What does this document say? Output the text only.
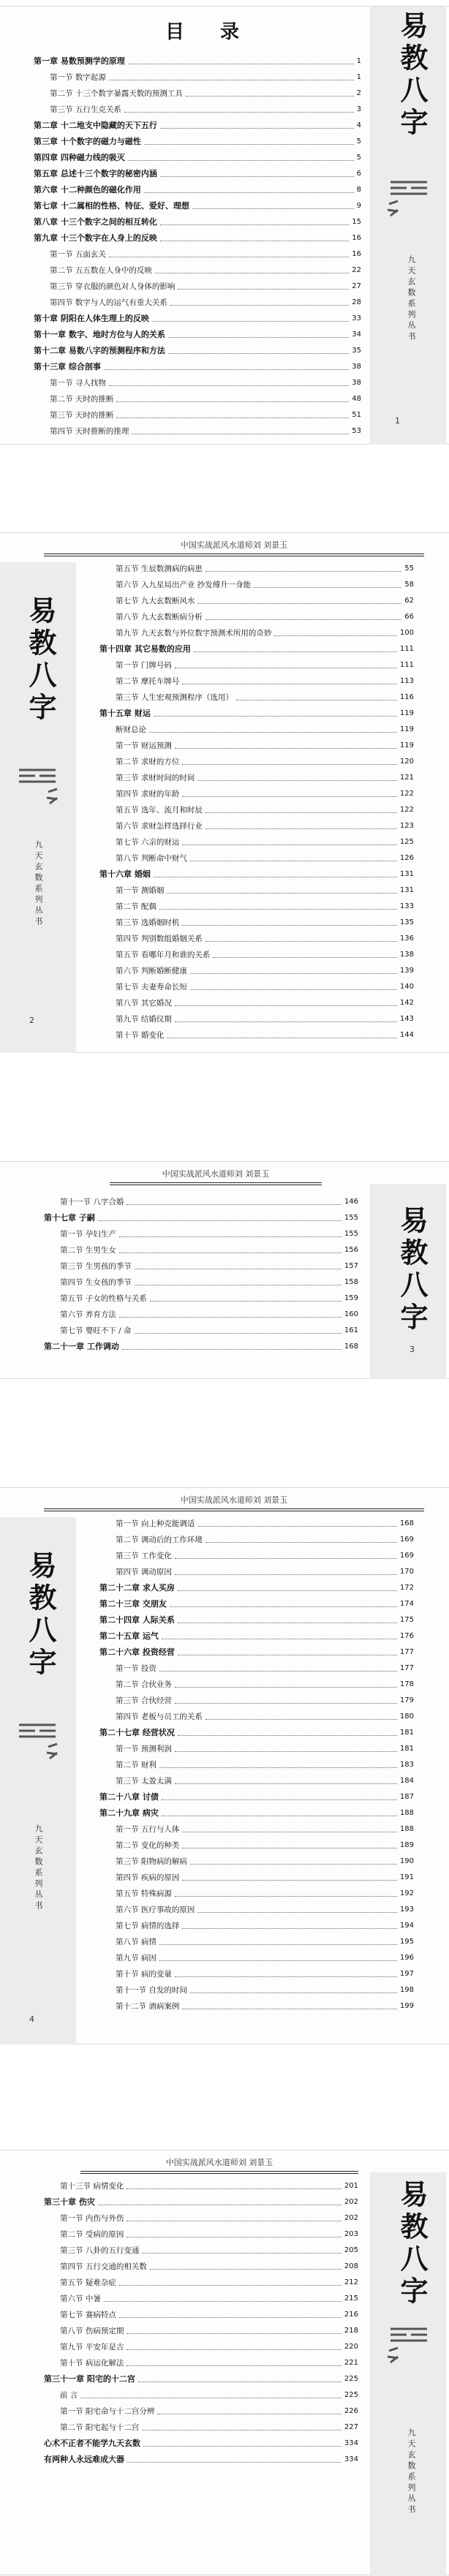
目 录
第一章 易数预测学的原理	1
第一节 数字起源	1
第二节 十三个数字暴露天数的预测工具	2
第三节 五行生克关系	3
第二章 十二地支中隐藏的天下五行	4
第三章 十个数字的磁力与磁性	5
第四章 四种磁力线的吸灭	5
第五章 总述十三个数字的秘密内涵	6
第六章 十二种颜色的磁化作用	8
第七章 十二属相的性格、特征、爱好、理想	9
第八章 十三个数字之间的相互转化	15
第九章 十三个数字在人身上的反映	16
第一节 五面玄关	16
第二节 五五数在人身中的反映	22
第三节 穿衣服的颜色对人身体的影响	27
第四节 数字与人的运气有重大关系	28
第十章 阴阳在人体生理上的反映	33
第十一章 数字、地时方位与人的关系	34
第十二章 易数八字的预测程序和方法	35
第十三章 综合剖事	38
第一节 寻人找物	38
第二节 天时的推断	48
第三节 天时的推断	51
第四节 天时推断的推理	53
易教八字
九天玄数系列丛书
1
中国实战派风水道师刘 刘景玉
易教八字
九天玄数系列丛书
2
第五节 生辰数测病的病患	55
第六节 入九星局出产业 抄发傅升一身能	58
第七节 九大玄数断风水	62
第八节 九大玄数断病分析	66
第九节 九天玄数与外位数字预测术所用的奇妙	100
第十四章 其它易数的应用	111
第一节 门牌号码	111
第二节 摩托车牌号	113
第三节 人生宏观预测程序（选用）	116
第十五章 财运	119
断财总论	119
第一节 财运预测	119
第二节 求财的方位	120
第三节 求财时间的时间	121
第四节 求财的年龄	122
第五节 选年、流月和时辰	122
第六节 求财怎样选择行业	123
第七节 六亲的财运	125
第八节 判断命中财气	126
第十六章 婚姻	131
第一节 测婚姻	131
第二节 配偶	133
第三节 选婚姻时机	135
第四节 判别数组婚姻关系	136
第五节 看哪年月和谁的关系	138
第六节 判断婚断健康	139
第七节 夫妻寿命长短	140
第八节 其它婚况	142
第九节 结婚仪期	143
第十节 婚变化	144
中国实战派风水道师刘 刘景玉
第十一节 八字合婚	146
第十七章 子嗣	155
第一节 孕妇生产	155
第二节 生男生女	156
第三节 生男孩的季节	157
第四节 生女孩的季节	158
第五节 子女的性格与关系	159
第六节 养育方法	160
第七节 婴旺不下 / 命	161
第二十一章 工作调动	168
易教八字
3
中国实战派风水道师刘 刘景玉
易教八字
九天玄数系列丛书
4
第一节 向上种克能调适	168
第二节 调动后的工作环境	169
第三节 工作变化	169
第四节 调动原因	170
第二十二章 求人买房	172
第二十三章 交朋友	174
第二十四章 人际关系	175
第二十五章 运气	176
第二十六章 投资经营	177
第一节 投资	177
第二节 合伙业务	178
第三节 合伙经营	179
第四节 老板与员工的关系	180
第二十七章 经营状况	181
第一节 预测利润	181
第二节 财利	183
第三节 太盈太满	184
第二十八章 讨债	187
第二十九章 病灾	188
第一节 五行与人体	188
第二节 变化的种类	189
第三节 阳物病的解病	190
第四节 疾病的原因	191
第五节 特殊病源	192
第六节 医疗事故的原因	193
第七节 病情的选择	194
第八节 病情	195
第九节 病因	196
第十节 病的变量	197
第十一节 自发的时间	198
第十二节 酒病案例	199
中国实战派风水道师刘 刘景玉
第十三节 病情变化	201
第三十章 伤灾	202
第一节 内伤与外伤	202
第二节 受病的原因	203
第三节 八卦的五行变通	205
第四节 五行交通的相关数	208
第五节 疑难杂症	212
第六节 中暑	215
第七节 赛病特点	216
第八节 伤病预定期	218
第九节 平安年是吉	220
第十节 病运化解法	221
第三十一章 阳宅的十二宫	225
前 言	225
第一节 阳宅命与十二宫分辨	226
第二节 阳宅起与十二宫	227
心术不正者不能学九天玄数	334
有两种人永远难成大器	334
易教八字
九天玄数系列丛书
